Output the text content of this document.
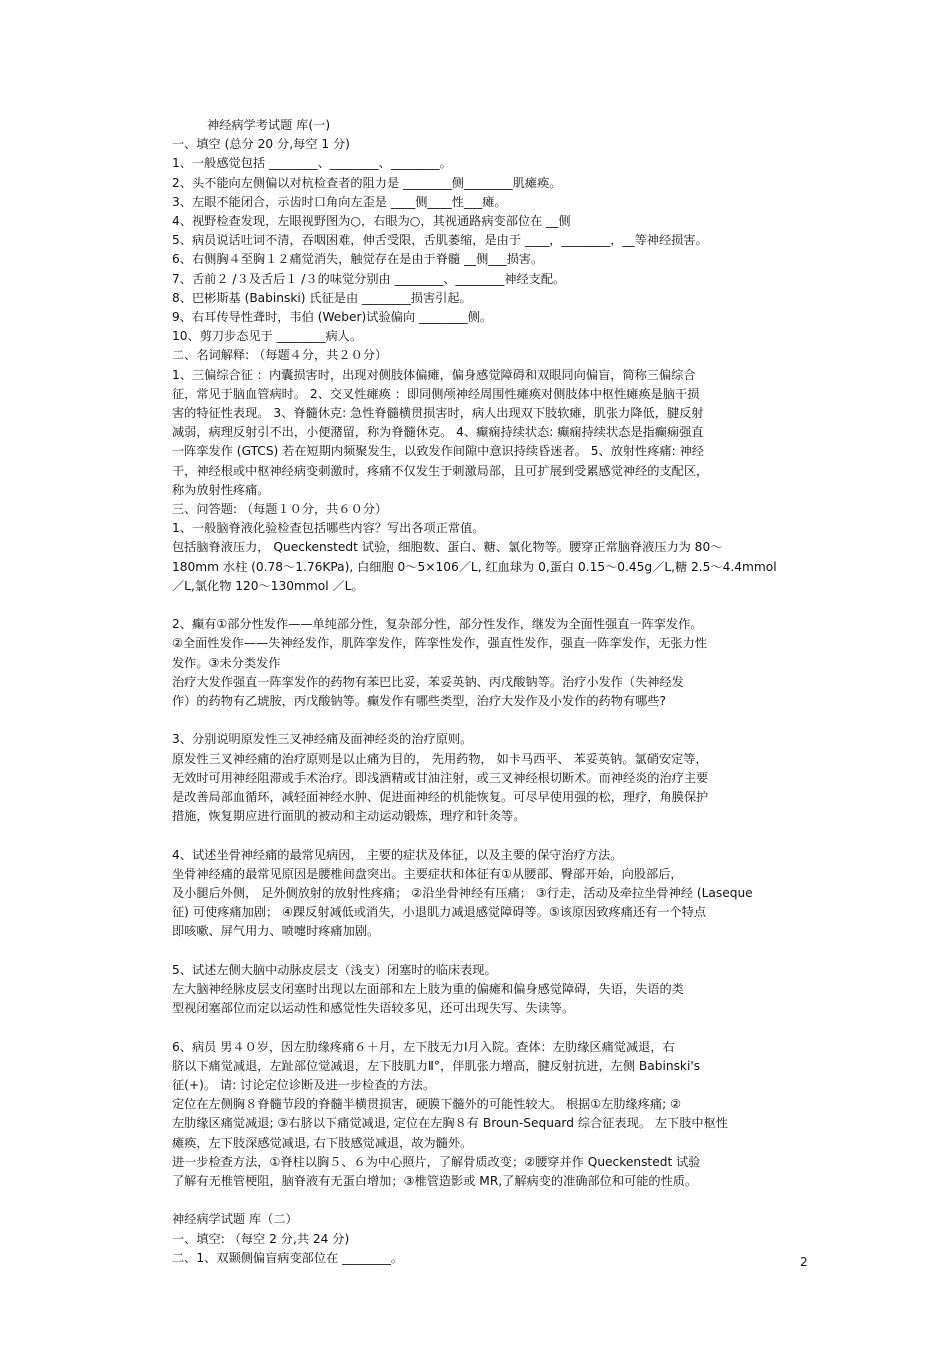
神经病学考试题 库(一)
一、填空 (总分 20 分,每空 1 分)
1、一般感觉包括 ________、________、________。
2、头不能向左侧偏以对杭检查者的阻力是 ________侧________肌瘫痪。
3、左眼不能闭合，示齿时口角向左歪是 ____侧____性___瘫。
4、视野检查发现，左眼视野图为○，右眼为○，其视通路病变部位在 __侧
5、病员说话吐词不清，吞咽困难，伸舌受限，舌肌萎缩，是由于 ____，________，__等神经损害。
6、右侧胸４至胸１２痛觉消失，触觉存在是由于脊髓 __侧___损害。
7、舌前２ /３及舌后１ /３的味觉分别由 ________、________神经支配。
8、巴彬斯基 (Babinski) 氏征是由 ________损害引起。
9、右耳传导性聋时，韦伯 (Weber)试验偏向 ________侧。
10、剪刀步态见于 ________病人。
二、名词解释: （每题４分，共２０分）
1、三偏综合征 ：内囊损害时，出现对侧肢体偏瘫，偏身感觉障碍和双眼同向偏盲，简称三偏综合
征，常见于脑血管病时。 2、交叉性瘫痪 ：即同侧颅神经周围性瘫痪对侧肢体中枢性瘫痪是脑干损
害的特征性表现。 3、脊髓休克: 急性脊髓横贯损害时，病人出现双下肢软瘫，肌张力降低，腱反射
减弱，病理反射引不出，小便潴留，称为脊髓休克。 4、癫痫持续状态: 癫痫持续状态是指癫痫强直
一阵挛发作 (GTCS) 若在短期内频聚发生，以致发作间隙中意识持续昏迷者。 5、放射性疼痛: 神经
干，神经根或中枢神经病变刺激时，疼痛不仅发生于刺激局部，且可扩展到受累感觉神经的支配区，
称为放射性疼痛。
三、问答题: （每题１０分，共６０分）
1、一般脑脊液化验检查包括哪些内容？写出各项正常值。
包括脑脊液压力， Queckenstedt 试验，细胞数、蛋白、糖、氯化物等。腰穿正常脑脊液压力为 80～
180mm 水柱 (0.78～1.76KPa), 白细胞 0～5×106／L, 红血球为 0,蛋白 0.15～0.45g／L,糖 2.5～4.4mmol
／L,氯化物 120～130mmol ／L。
2、癫有①部分性发作——单纯部分性，复杂部分性，部分性发作，继发为全面性强直一阵挛发作。
②全面性发作——失神经发作，肌阵挛发作，阵挛性发作，强直性发作，强直一阵挛发作，无张力性
发作。③未分类发作
治疗大发作强直一阵挛发作的药物有苯巴比妥，苯妥英钠、丙戊酸钠等。治疗小发作（失神经发
作）的药物有乙琥胺，丙戊酸钠等。癫发作有哪些类型，治疗大发作及小发作的药物有哪些?
3、分别说明原发性三叉神经痛及面神经炎的治疗原则。
原发性三叉神经痛的治疗原则是以止痛为目的， 先用药物， 如卡马西平、 苯妥英钠。氯硝安定等，
无效时可用神经阻滞或手术治疗。即浅酒精或甘油注射，或三叉神经根切断术。而神经炎的治疗主要
是改善局部血循环，减轻面神经水肿、促进面神经的机能恢复。可尽早使用强的松，理疗，角膜保护
措施，恢复期应进行面肌的被动和主动运动锻炼，理疗和针灸等。
4、试述坐骨神经痛的最常见病因， 主要的症状及体征，以及主要的保守治疗方法。
坐骨神经痛的最常见原因是腰椎间盘突出。主要症状和体征有①从腰部、臀部开始，向股部后，
及小腿后外侧， 足外侧放射的放射性疼痛； ②沿坐骨神经有压痛； ③行走，活动及牵拉坐骨神经 (Laseque
征) 可使疼痛加剧； ④踝反射减低或消失，小退肌力减退感觉障碍等。⑤该原因致疼痛还有一个特点
即咳嗽、屏气用力、喷嚏时疼痛加剧。
5、试述左侧大脑中动脉皮层支（浅支）闭塞时的临床表现。
左大脑神经脉皮层支闭塞时出现以左面部和左上肢为重的偏瘫和偏身感觉障碍，失语，失语的类
型视闭塞部位而定以运动性和感觉性失语较多见，还可出现失写、失读等。
6、病员 男４０岁，因左肋缘疼痛６＋月，左下肢无力Ⅰ月入院。查体：左肋缘区痛觉减退，右
脐以下痛觉减退，左趾部位觉减退，左下肢肌力Ⅱ°，伴肌张力增高，腱反射抗进，左侧 Babinski's
征(+)。 请: 讨论定位诊断及进一步检查的方法。
定位在左侧胸８脊髓节段的脊髓半横贯损害，硬膜下髓外的可能性较大。 根据①左肋缘疼痛; ②
左肋缘区痛觉减退; ③右脐以下痛觉减退, 定位在左胸８有 Broun-Sequard 综合征表现。 左下肢中枢性
瘫痪，左下肢深感觉减退, 右下肢感觉减退，故为髓外。
进一步检查方法，①脊柱以胸５、６为中心照片，了解骨质改变；②腰穿并作 Queckenstedt 试验
了解有无椎管梗阻，脑脊液有无蛋白增加；③椎管造影或 MR,了解病变的准确部位和可能的性质。
神经病学试题 库（二）
一、填空: （每空 2 分,共 24 分)
二、1、双颞侧偏盲病变部位在 ________。	2
